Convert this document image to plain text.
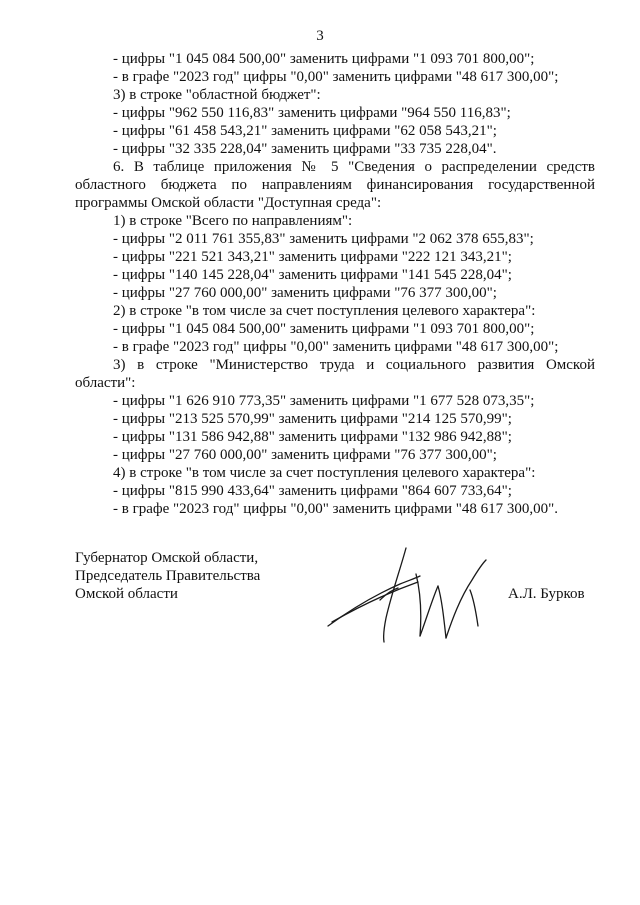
3
- цифры "1 045 084 500,00" заменить цифрами "1 093 701 800,00";
- в графе "2023 год" цифры "0,00" заменить цифрами "48 617 300,00";
3) в строке "областной бюджет":
- цифры "962 550 116,83" заменить цифрами "964 550 116,83";
- цифры "61 458 543,21" заменить цифрами "62 058 543,21";
- цифры "32 335 228,04" заменить цифрами "33 735 228,04".
6. В таблице приложения № 5 "Сведения о распределении средств
областного бюджета по направлениям финансирования государственной
программы Омской области "Доступная среда":
1) в строке "Всего по направлениям":
- цифры "2 011 761 355,83" заменить цифрами "2 062 378 655,83";
- цифры "221 521 343,21" заменить цифрами "222 121 343,21";
- цифры "140 145 228,04" заменить цифрами "141 545 228,04";
- цифры "27 760 000,00" заменить цифрами "76 377 300,00";
2) в строке "в том числе за счет поступления целевого характера":
- цифры "1 045 084 500,00" заменить цифрами "1 093 701 800,00";
- в графе "2023 год" цифры "0,00" заменить цифрами "48 617 300,00";
3) в строке "Министерство труда и социального развития Омской
области":
- цифры "1 626 910 773,35" заменить цифрами "1 677 528 073,35";
- цифры "213 525 570,99" заменить цифрами "214 125 570,99";
- цифры "131 586 942,88" заменить цифрами "132 986 942,88";
- цифры "27 760 000,00" заменить цифрами "76 377 300,00";
4) в строке "в том числе за счет поступления целевого характера":
- цифры "815 990 433,64" заменить цифрами "864 607 733,64";
- в графе "2023 год" цифры "0,00" заменить цифрами "48 617 300,00".
Губернатор Омской области,
Председатель Правительства
Омской области	А.Л. Бурков
